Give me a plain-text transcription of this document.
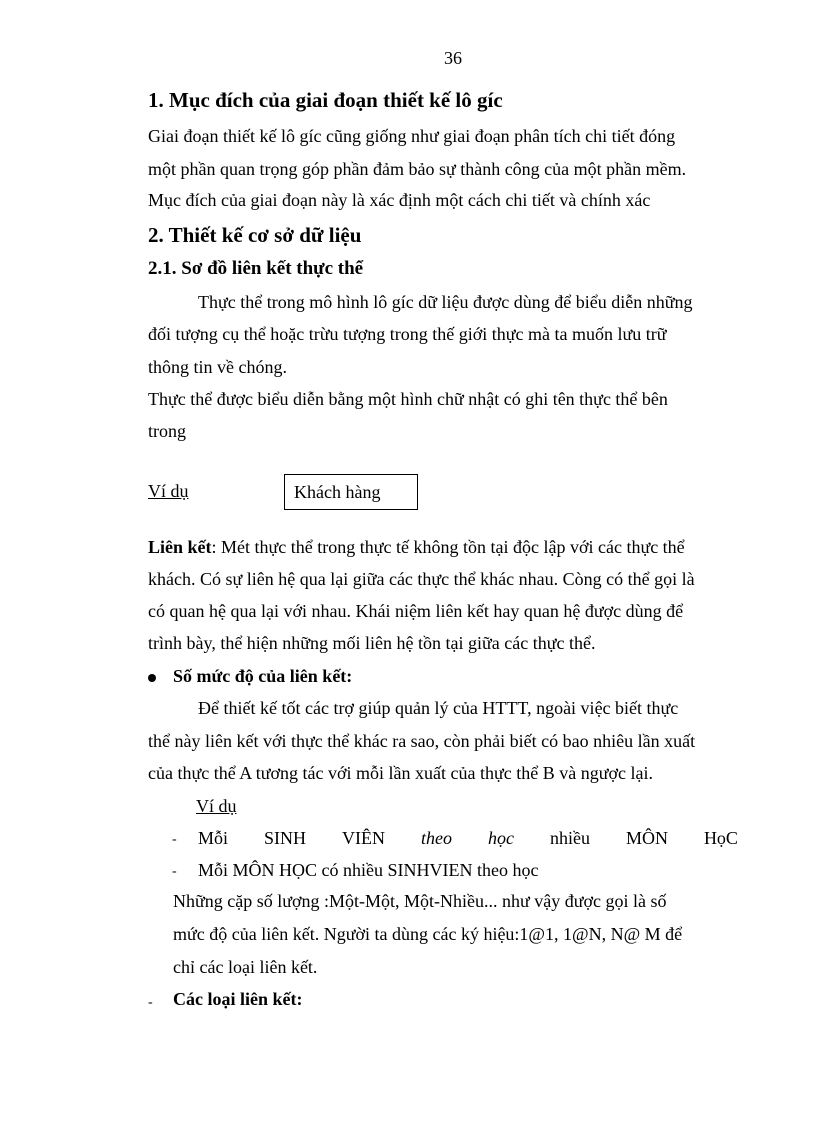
36
1. Mục đích của giai đoạn thiết kế lô gíc
Giai đoạn thiết kế lô gíc cũng giống như giai đoạn phân tích chi tiết đóng
một phần quan trọng góp phần đảm bảo sự thành công của một phần mềm.
Mục đích của giai đoạn này là xác định một cách chi tiết và chính xác
2. Thiết kế cơ sở dữ liệu
2.1. Sơ đồ liên kết thực thể
Thực thể trong mô hình lô gíc dữ liệu được dùng để biểu diễn những
đối tượng cụ thể hoặc trừu tượng trong thế giới thực mà ta muốn lưu trữ
thông tin về chóng.
Thực thể được biểu diễn bằng một hình chữ nhật có ghi tên thực thể bên
trong
Ví dụ	Khách hàng
Liên kết: Mét thực thể trong thực tế không tồn tại độc lập với các thực thể
khách. Có sự liên hệ qua lại giữa các thực thể khác nhau. Còng có thể gọi là
có quan hệ qua lại với nhau. Khái niệm liên kết hay quan hệ được dùng để
trình bày, thể hiện những mối liên hệ tồn tại giữa các thực thể.
Số mức độ của liên kết:
Để thiết kế tốt các trợ giúp quản lý của HTTT, ngoài việc biết thực
thể này liên kết với thực thể khác ra sao, còn phải biết có bao nhiêu lần xuất
của thực thể A tương tác với mỗi lần xuất của thực thể B và ngược lại.
Ví dụ
- Mỗi SINH VIÊN theo học nhiều MÔN HọC
- Mỗi MÔN HỌC có nhiều SINHVIEN theo học
Những cặp số lượng :Một-Một, Một-Nhiều... như vậy được gọi là số
mức độ của liên kết. Người ta dùng các ký hiệu:1@1, 1@N, N@ M để
chỉ các loại liên kết.
- Các loại liên kết:
